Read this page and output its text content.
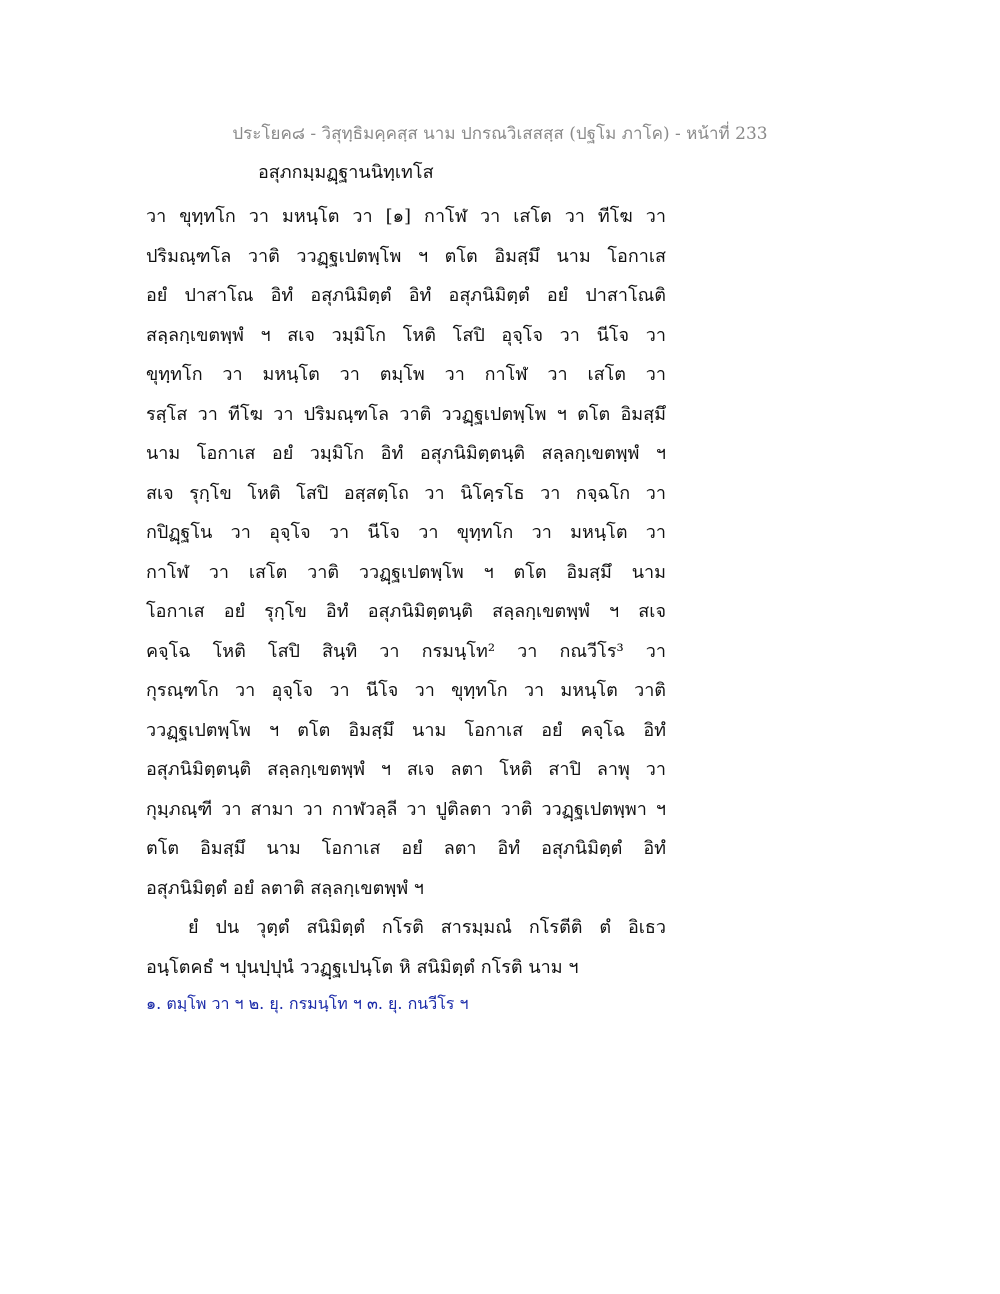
ประโยค๘ - วิสุทฺธิมคฺคสฺส นาม ปกรณวิเสสสฺส (ปฐโม ภาโค) - หน้าที่ 233
อสุภกมฺมฏฺฐานนิทฺเทโส
วา ขุทฺทโก วา มหนฺโต วา [๑] กาโฬ วา เสโต วา ทีโฆ วา
ปริมณฺฑโล วาติ ววฏฺฐเปตพฺโพ ฯ ตโต อิมสฺมึ นาม โอกาเส
อยํ ปาสาโณ อิทํ อสุภนิมิตฺตํ อิทํ อสุภนิมิตฺตํ อยํ ปาสาโณติ
สลฺลกฺเขตพฺพํ ฯ สเจ วมฺมิโก โหติ โสปิ อุจฺโจ วา นีโจ วา
ขุทฺทโก วา มหนฺโต วา ตมฺโพ วา กาโฬ วา เสโต วา
รสฺโส วา ทีโฆ วา ปริมณฺฑโล วาติ ววฏฺฐเปตพฺโพ ฯ ตโต อิมสฺมึ
นาม โอกาเส อยํ วมฺมิโก อิทํ อสุภนิมิตฺตนฺติ สลฺลกฺเขตพฺพํ ฯ
สเจ รุกฺโข โหติ โสปิ อสฺสตฺโถ วา นิโคฺรโธ วา กจฺฉโก วา
กปิฏฺฐโน วา อุจฺโจ วา นีโจ วา ขุทฺทโก วา มหนฺโต วา
กาโฬ วา เสโต วาติ ววฏฺฐเปตพฺโพ ฯ ตโต อิมสฺมึ นาม
โอกาเส อยํ รุกฺโข อิทํ อสุภนิมิตฺตนฺติ สลฺลกฺเขตพฺพํ ฯ สเจ
คจฺโฉ โหติ โสปิ สินฺทิ วา กรมนฺโท² วา กณวีโร³ วา
กุรณฺฑโก วา อุจฺโจ วา นีโจ วา ขุทฺทโก วา มหนฺโต วาติ
ววฏฺฐเปตพฺโพ ฯ ตโต อิมสฺมึ นาม โอกาเส อยํ คจฺโฉ อิทํ
อสุภนิมิตฺตนฺติ สลฺลกฺเขตพฺพํ ฯ สเจ ลตา โหติ สาปิ ลาพุ วา
กุมฺภณฺฑี วา สามา วา กาฬวลฺลี วา ปูติลตา วาติ ววฏฺฐเปตพฺพา ฯ
ตโต อิมสฺมึ นาม โอกาเส อยํ ลตา อิทํ อสุภนิมิตฺตํ อิทํ
อสุภนิมิตฺตํ อยํ ลตาติ สลฺลกฺเขตพฺพํ ฯ
ยํ ปน วุตฺตํ สนิมิตฺตํ กโรติ สารมฺมณํ กโรตีติ ตํ อิเธว
อนฺโตคธํ ฯ ปุนปฺปุนํ ววฏฺฐเปนฺโต หิ สนิมิตฺตํ กโรติ นาม ฯ
๑. ตมฺโพ วา ฯ ๒. ยุ. กรมนฺโท ฯ ๓. ยุ. กนวีโร ฯ
